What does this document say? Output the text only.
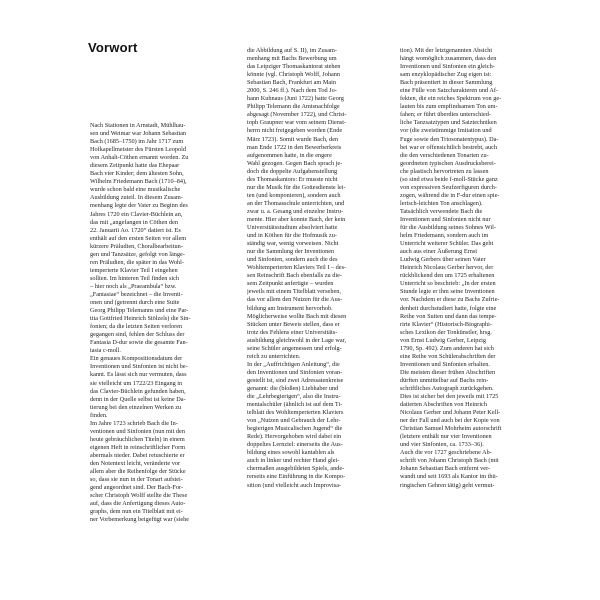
Vorwort
Nach Stationen in Arnstadt, Mühlhau-
sen und Weimar war Johann Sebastian
Bach (1685–1750) im Jahr 1717 zum
Hofkapellmeister des Fürsten Leopold
von Anhalt-Cöthen ernannt worden. Zu
diesem Zeitpunkt hatte das Ehepaar
Bach vier Kinder; dem ältesten Sohn,
Wilhelm Friedemann Bach (1710–84),
wurde schon bald eine musikalische
Ausbildung zuteil. In diesem Zusam-
menhang legte der Vater zu Beginn des
Jahres 1720 ein Clavier-Büchlein an,
das mit „angefangen in Cöthen den
22. Januarii Ao. 1720“ datiert ist. Es
enthält auf den ersten Seiten vor allem
kürzere Präludien, Choralbearbeitun-
gen und Tanzsätze, gefolgt von länge-
ren Präludien, die später in das Wohl-
temperierte Klavier Teil I eingehen
sollten. Im hinteren Teil finden sich
– hier noch als „Praeambula“ bzw.
„Fantasiae“ bezeichnet – die Inventi-
onen und (getrennt durch eine Suite
Georg Philipp Telemanns und eine Par-
tita Gottfried Heinrich Stölzels) die Sin-
fonien; da die letzten Seiten verloren
gegangen sind, fehlen der Schluss der
Fantasia D-dur sowie die gesamte Fan-
tasia c-moll.
Ein genaues Kompositionsdatum der
Inventionen und Sinfonien ist nicht be-
kannt. Es lässt sich nur vermuten, dass
sie vielleicht um 1722/23 Eingang in
das Clavier-Büchlein gefunden haben,
denn in der Quelle selbst ist keine Da-
tierung bei den einzelnen Werken zu
finden.
Im Jahre 1723 schrieb Bach die In-
ventionen und Sinfonien (nun mit den
heute gebräuchlichen Titeln) in einem
eigenen Heft in reinschriftlicher Form
abermals nieder. Dabei retuschierte er
den Notentext leicht, veränderte vor
allem aber die Reihenfolge der Stücke
so, dass sie nun in der Tonart aufstei-
gend angeordnet sind. Der Bach-For-
scher Christoph Wolff stellte die These
auf, dass die Anfertigung dieses Auto-
graphs, dem nun ein Titelblatt mit ei-
ner Vorbemerkung beigefügt war (siehe
die Abbildung auf S. II), im Zusam-
menhang mit Bachs Bewerbung um
das Leipziger Thomaskantorat stehen
könnte (vgl. Christoph Wolff, Johann
Sebastian Bach, Frankfurt am Main
2000, S. 246 ff.). Nach dem Tod Jo-
hann Kuhnaus (Juni 1722) hatte Georg
Philipp Telemann die Amtsnachfolge
abgesagt (November 1722), und Christ-
toph Graupner war vom seinem Dienst-
herrn nicht freigegeben worden (Ende
März 1723). Somit wurde Bach, den
man Ende 1722 in den Bewerberkreis
aufgenommen hatte, in die engere
Wahl gezogen. Gegen Bach sprach je-
doch die doppelte Aufgabenstellung
des Thomaskantors: Er musste nicht
nur die Musik für die Gottesdienste lei-
ten (und komponieren), sondern auch
an der Thomasschule unterrichten, und
zwar u. a. Gesang und einzelne Instru-
mente. Hier aber konnte Bach, der kein
Universitätsstudium absolviert hatte
und in Köthen für die Hofmusik zu-
ständig war, wenig vorweisen. Nicht
nur die Sammlung der Inventionen
und Sinfonien, sondern auch die des
Wohltemperierten Klaviers Teil I – des-
sen Reinschrift Bach ebenfalls zu die-
sem Zeitpunkt anfertigte – wurden
jeweils mit einem Titelblatt versehen,
das vor allem den Nutzen für die Aus-
bildung am Instrument hervorhob.
Möglicherweise wollte Bach mit diesen
Stücken unter Beweis stellen, dass er
trotz des Fehlens einer Universitäts-
ausbildung gleichwohl in der Lage war,
seine Schüler angemessen und erfolg-
reich zu unterrichten.
In der „Auffrichtigen Anleitung“, die
den Inventionen und Sinfonien voran-
gestellt ist, sind zwei Adressatenkreise
genannt: die (bloßen) Liebhaber und
die „Lehrbegierigen“, also die Instru-
mentalschüler (ähnlich ist auf dem Ti-
telblatt des Wohltemperierten Klaviers
von „Nutzen und Gebrauch der Lehr-
begierigen Musicalischen Jugend“ die
Rede). Hervorgehoben wird dabei ein
doppeltes Lernziel: einerseits die Aus-
bildung eines sowohl kantablen als
auch in linker und rechter Hand glei-
chermaßen ausgebildeten Spiels, ande-
rerseits eine Einführung in die Kompo-
sition (und vielleicht auch Improvisa-
tion). Mit der letztgenannten Absicht
hängt womöglich zusammen, dass den
Inventionen und Sinfonien ein gleich-
sam enzyklopädischer Zug eigen ist:
Bach präsentiert in dieser Sammlung
eine Fülle von Satzcharakteren und Af-
fekten, die ein reiches Spektrum von ge-
lauten bis zum empfindsamen Ton um-
fahen; er führt überdies unterschied-
liche Tanzsatztypen und Satztechniken
vor (die zweistimmige Imitation und
Fuge sowie den Triosonatentypus). Da-
bei war er offensichtlich bestrebt, auch
die den verschiedenen Tonarten zu-
geordneten typischen Ausdrucksberei-
che plastisch hervortreten zu lassen
(so sind etwa beide f-moll-Stücke ganz
von expressiven Seufzerfiguren durch-
zogen, während die in F-dur einen spie-
lerisch-leichten Ton anschlagen).
Tatsächlich verwendete Bach die
Inventionen und Sinfonien nicht nur
für die Ausbildung seines Sohnes Wil-
helm Friedemann, sondern auch im
Unterricht weiterer Schüler. Das geht
auch aus einer Äußerung Ernst
Ludwig Gerbers über seinen Vater
Heinrich Nicolaus Gerber hervor, der
rückblickend den um 1725 erhaltenen
Unterricht so beschrieb: „In der ersten
Stunde legte er ihm seine Inventionen
vor. Nachdem er diese zu Bachs Zufrie-
denheit durchstudiert hatte, folgte eine
Reihe von Suiten und dann das tempe-
rirte Klavier“ (Historisch-Biographi-
sches Lexikon der Tonkünstler, hrsg.
von Ernst Ludwig Gerber, Leipzig
1790, Sp. 492). Zum anderen hat sich
eine Reihe von Schülerabschriften der
Inventionen und Sinfonien erhalten.
Die meisten dieser frühen Abschriften
dürften unmittelbar auf Bachs rein-
schriftliches Autograph zurückgehen.
Dies ist sicher bei den jeweils mit 1725
datierten Abschriften von Heinrich
Nicolaus Gerber und Johann Peter Kell-
ner der Fall und auch bei der Kopie von
Christian Samuel Mohrheim autorschrift
(letztere enthält nur vier Inventionen
und vier Sinfonien, ca. 1733–36).
Auch die vor 1727 geschriebene Ab-
schrift von Johann Christoph Bach (mit
Johann Sebastian Bach entfernt ver-
wandt und seit 1693 als Kantor im thü-
ringischen Gehren tätig) geht vermut-
